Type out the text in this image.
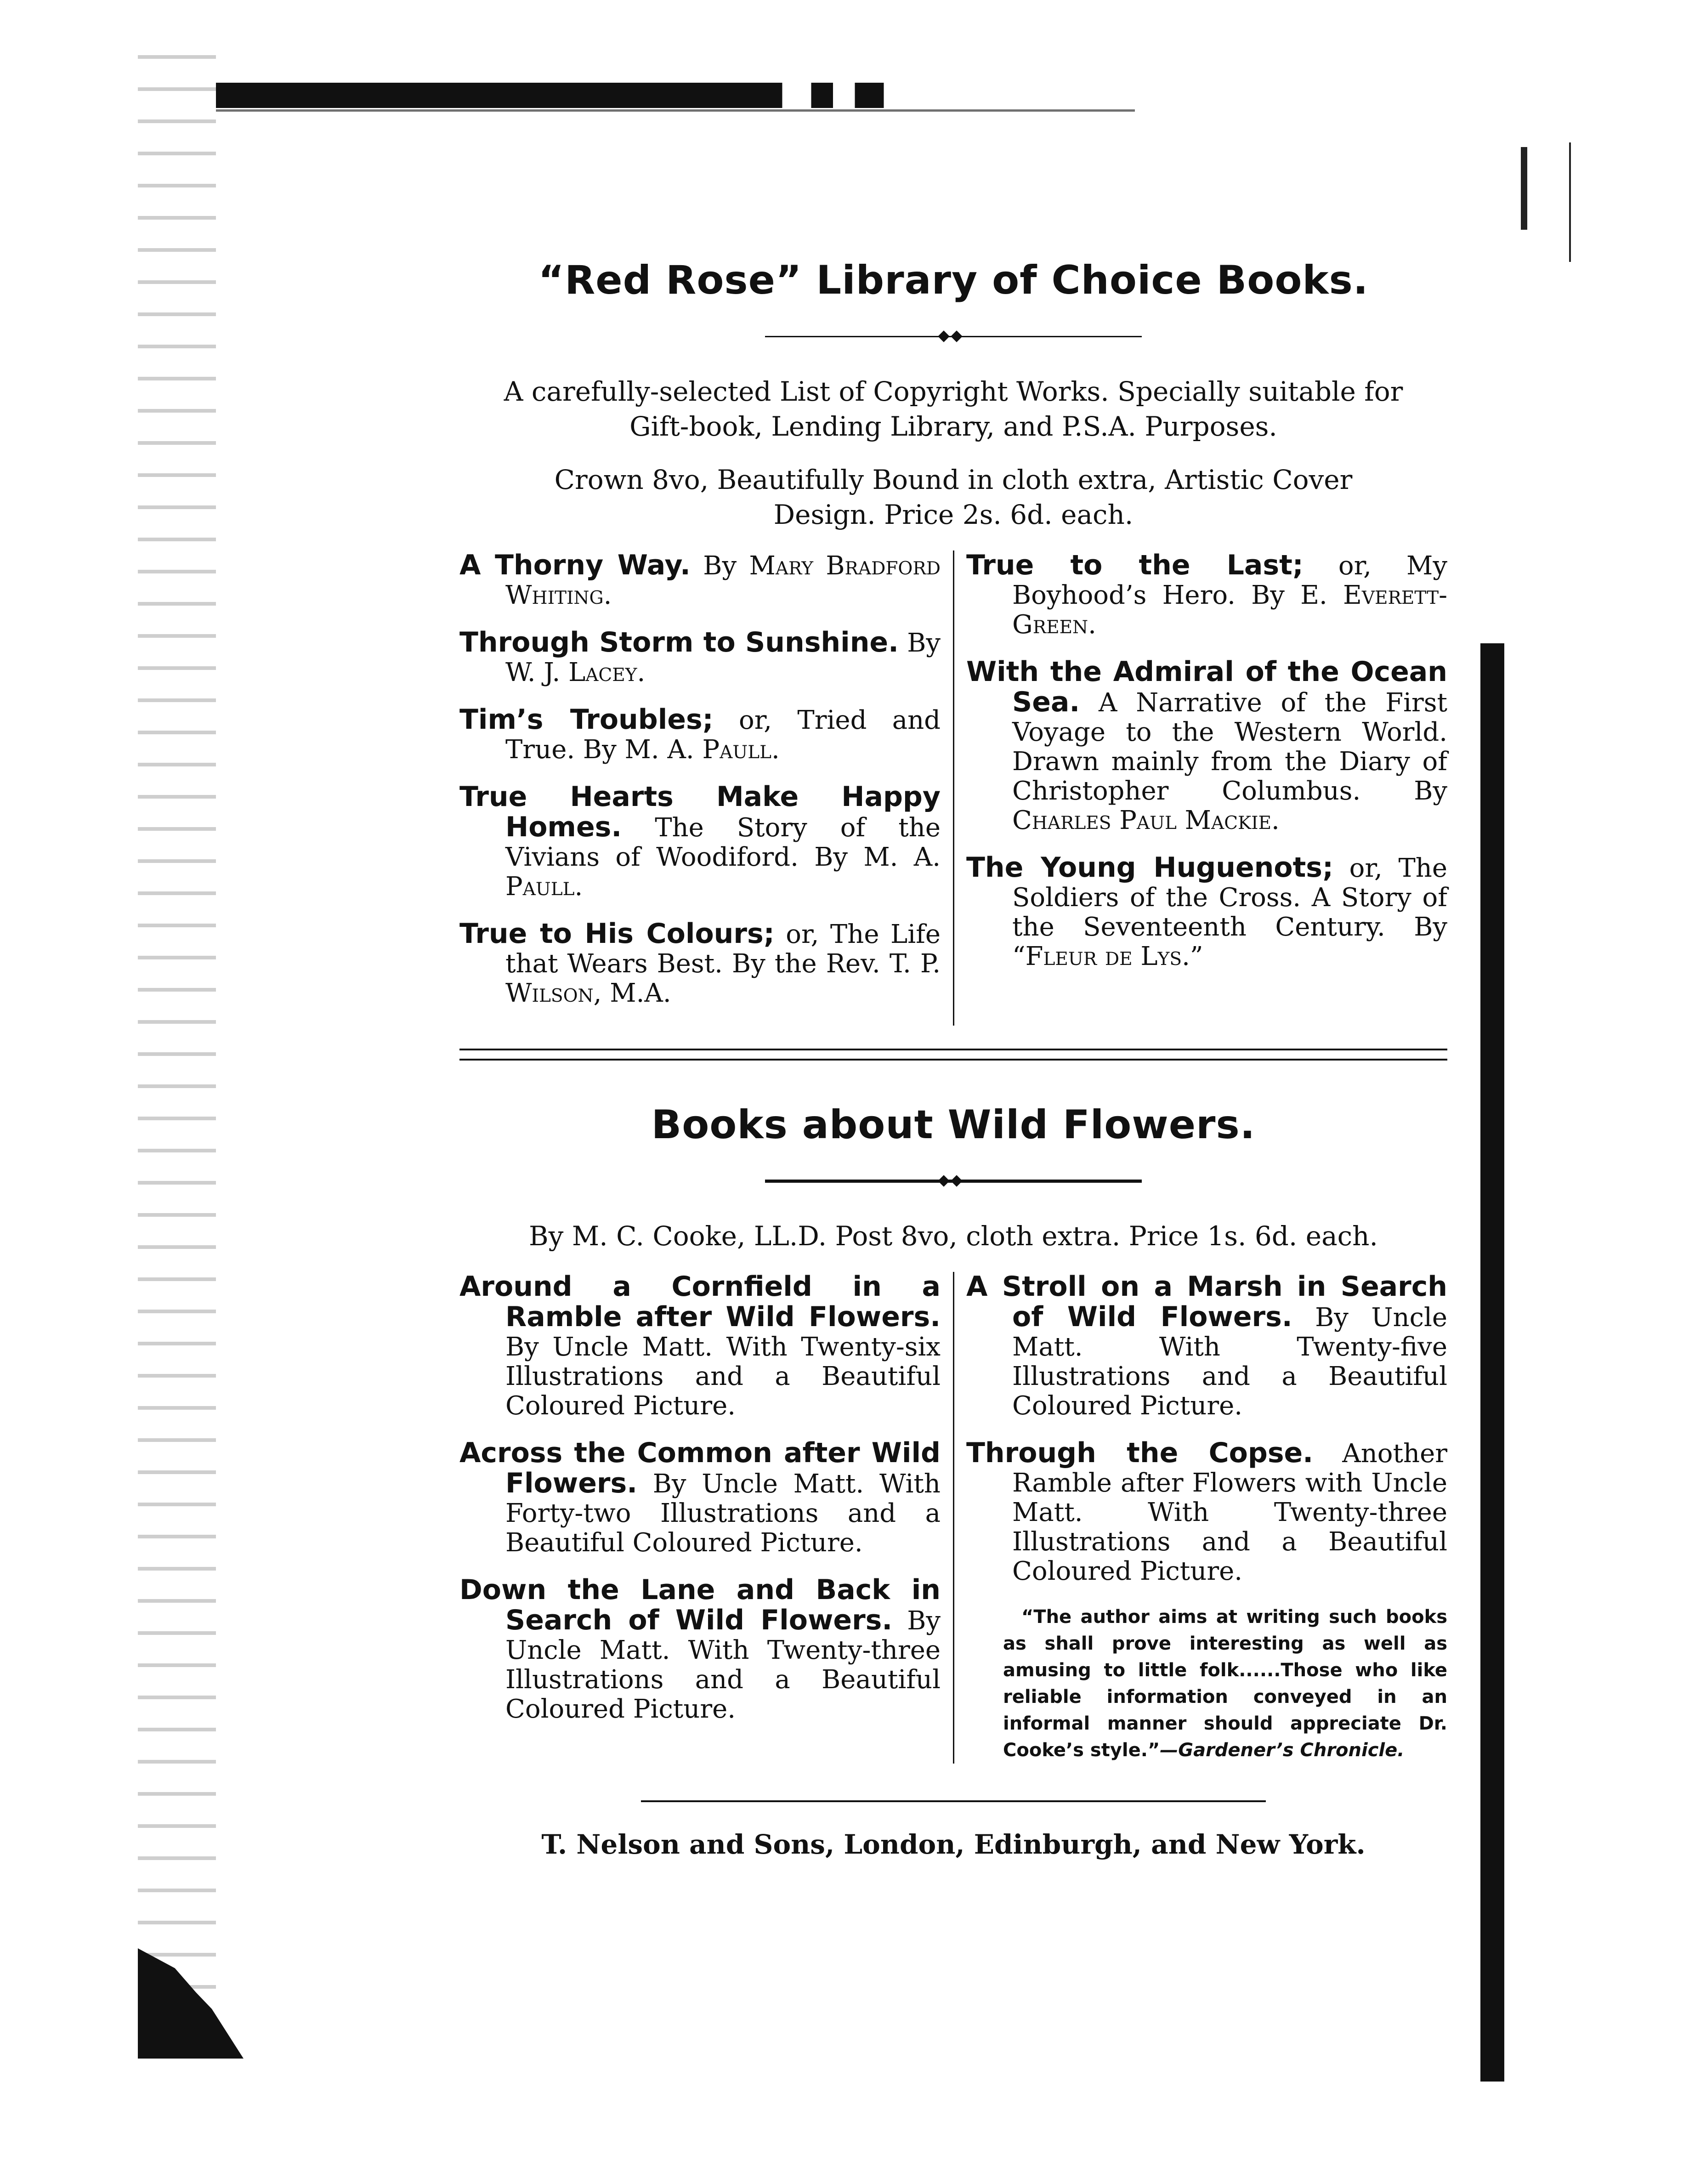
“Red Rose” Library of Choice Books.

A carefully-selected List of Copyright Works. Specially suitable for
Gift-book, Lending Library, and P.S.A. Purposes.

Crown 8vo, Beautifully Bound in cloth extra, Artistic Cover
Design. Price 2s. 6d. each.

A Thorny Way. By Mary Bradford Whiting.

Through Storm to Sunshine. By W. J. Lacey.

Tim’s Troubles; or, Tried and True. By M. A. Paull.

True Hearts Make Happy Homes. The Story of the Vivians of Woodiford. By M. A. Paull.

True to His Colours; or, The Life that Wears Best. By the Rev. T. P. Wilson, M.A.

True to the Last; or, My Boyhood’s Hero. By E. Everett-Green.

With the Admiral of the Ocean Sea. A Narrative of the First Voyage to the Western World. Drawn mainly from the Diary of Christopher Columbus. By Charles Paul Mackie.

The Young Huguenots; or, The Soldiers of the Cross. A Story of the Seventeenth Century. By “Fleur de Lys.”

Books about Wild Flowers.

By M. C. Cooke, LL.D. Post 8vo, cloth extra. Price 1s. 6d. each.

Around a Cornfield in a Ramble after Wild Flowers. By Uncle Matt. With Twenty-six Illustrations and a Beautiful Coloured Picture.

Across the Common after Wild Flowers. By Uncle Matt. With Forty-two Illustrations and a Beautiful Coloured Picture.

Down the Lane and Back in Search of Wild Flowers. By Uncle Matt. With Twenty-three Illustrations and a Beautiful Coloured Picture.

A Stroll on a Marsh in Search of Wild Flowers. By Uncle Matt. With Twenty-five Illustrations and a Beautiful Coloured Picture.

Through the Copse. Another Ramble after Flowers with Uncle Matt. With Twenty-three Illustrations and a Beautiful Coloured Picture.

“The author aims at writing such books as shall prove interesting as well as amusing to little folk......Those who like reliable information conveyed in an informal manner should appreciate Dr. Cooke’s style.”—Gardener’s Chronicle.

T. Nelson and Sons, London, Edinburgh, and New York.
